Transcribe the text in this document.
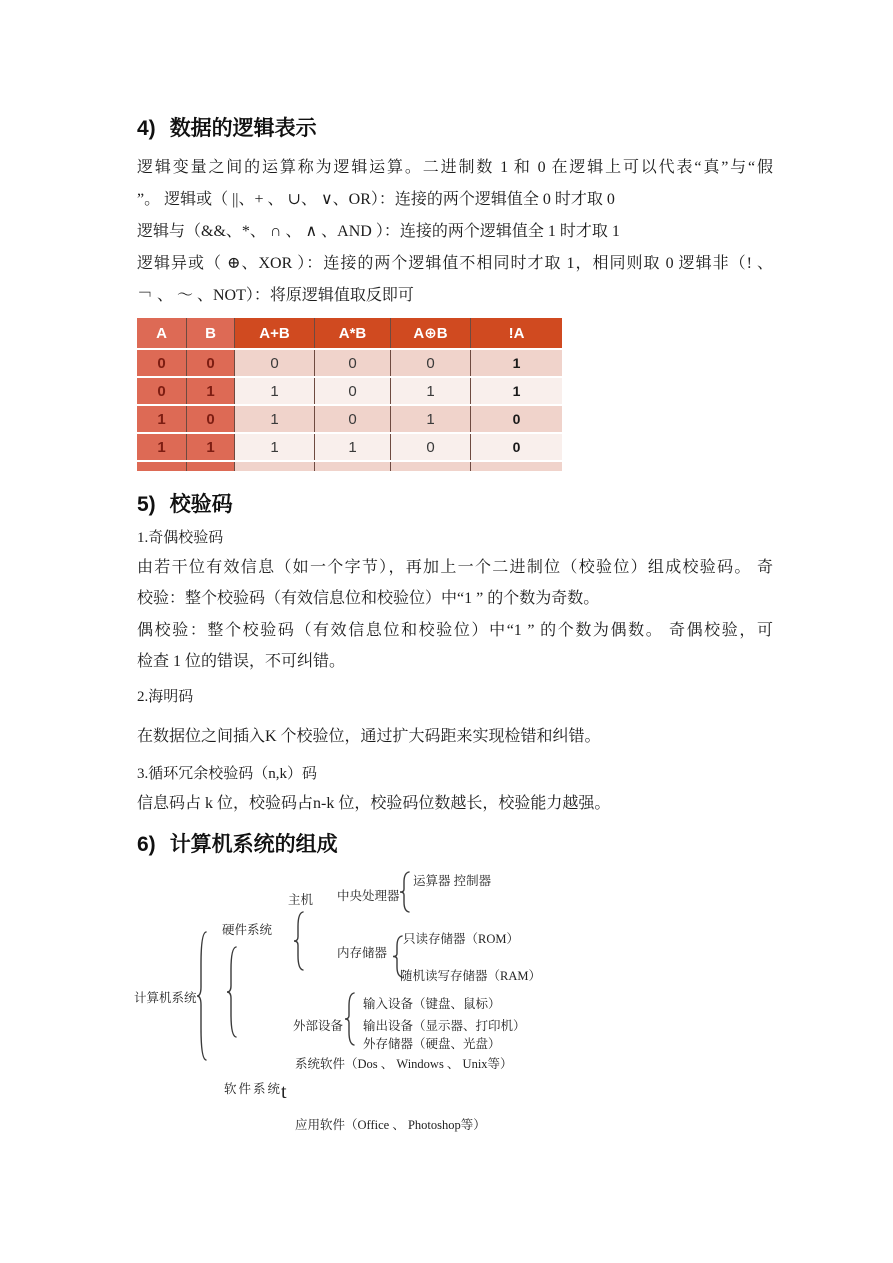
4) 数据的逻辑表示
逻辑变量之间的运算称为逻辑运算。二进制数 1 和 0 在逻辑上可以代表“真”与“假
”。 逻辑或（ ||、+ 、 ∪、 ∨、OR）：连接的两个逻辑值全 0 时才取 0
逻辑与（&&、*、 ∩ 、 ∧ 、AND ）：连接的两个逻辑值全 1 时才取 1
逻辑异或（ ⊕、XOR ）：连接的两个逻辑值不相同时才取 1，相同则取 0 逻辑非（! 、
￢ 、 ～ 、NOT）：将原逻辑值取反即可
A	B	A+B	A*B	A⊕B	!A
0	0	0	0	0	1
0	1	1	0	1	1
1	0	1	0	1	0
1	1	1	1	0	0
5) 校验码
1.奇偶校验码
由若干位有效信息（如一个字节），再加上一个二进制位（校验位）组成校验码。 奇
校验：整个校验码（有效信息位和校验位）中“1 ” 的个数为奇数。
偶校验：整个校验码（有效信息位和校验位）中“1 ” 的个数为偶数。 奇偶校验，可
检查 1 位的错误，不可纠错。
2.海明码
在数据位之间插入K 个校验位，通过扩大码距来实现检错和纠错。
3.循环冗余校验码（n,k）码
信息码占 k 位，校验码占n-k 位，校验码位数越长，校验能力越强。
6) 计算机系统的组成
计算机系统
硬件系统
软件系统
主机 中央处理器
运算器 控制器
内存储器
只读存储器（ROM）
随机读写存储器（RAM）
外部设备
输入设备（键盘、鼠标）
输出设备（显示器、打印机）
外存储器（硬盘、光盘）
系统软件（Dos 、 Windows 、 Unix等）
t
应用软件（Office 、 Photoshop等）
